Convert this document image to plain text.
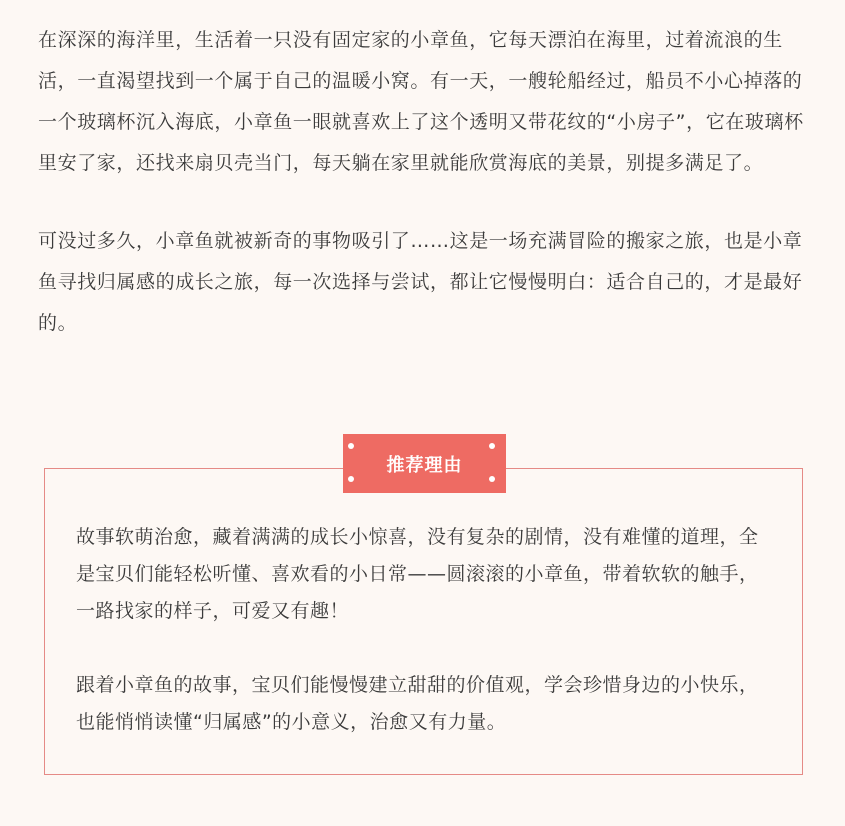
在深深的海洋里，生活着一只没有固定家的小章鱼，它每天漂泊在海里，过着流浪的生活，一直渴望找到一个属于自己的温暖小窝。有一天，一艘轮船经过，船员不小心掉落的一个玻璃杯沉入海底，小章鱼一眼就喜欢上了这个透明又带花纹的“小房子”，它在玻璃杯里安了家，还找来扇贝壳当门，每天躺在家里就能欣赏海底的美景，别提多满足了。

可没过多久，小章鱼就被新奇的事物吸引了……这是一场充满冒险的搬家之旅，也是小章鱼寻找归属感的成长之旅，每一次选择与尝试，都让它慢慢明白：适合自己的，才是最好的。

故事软萌治愈，藏着满满的成长小惊喜，没有复杂的剧情，没有难懂的道理，全是宝贝们能轻松听懂、喜欢看的小日常——圆滚滚的小章鱼，带着软软的触手，一路找家的样子，可爱又有趣！

跟着小章鱼的故事，宝贝们能慢慢建立甜甜的价值观，学会珍惜身边的小快乐，也能悄悄读懂“归属感”的小意义，治愈又有力量。

推荐理由
